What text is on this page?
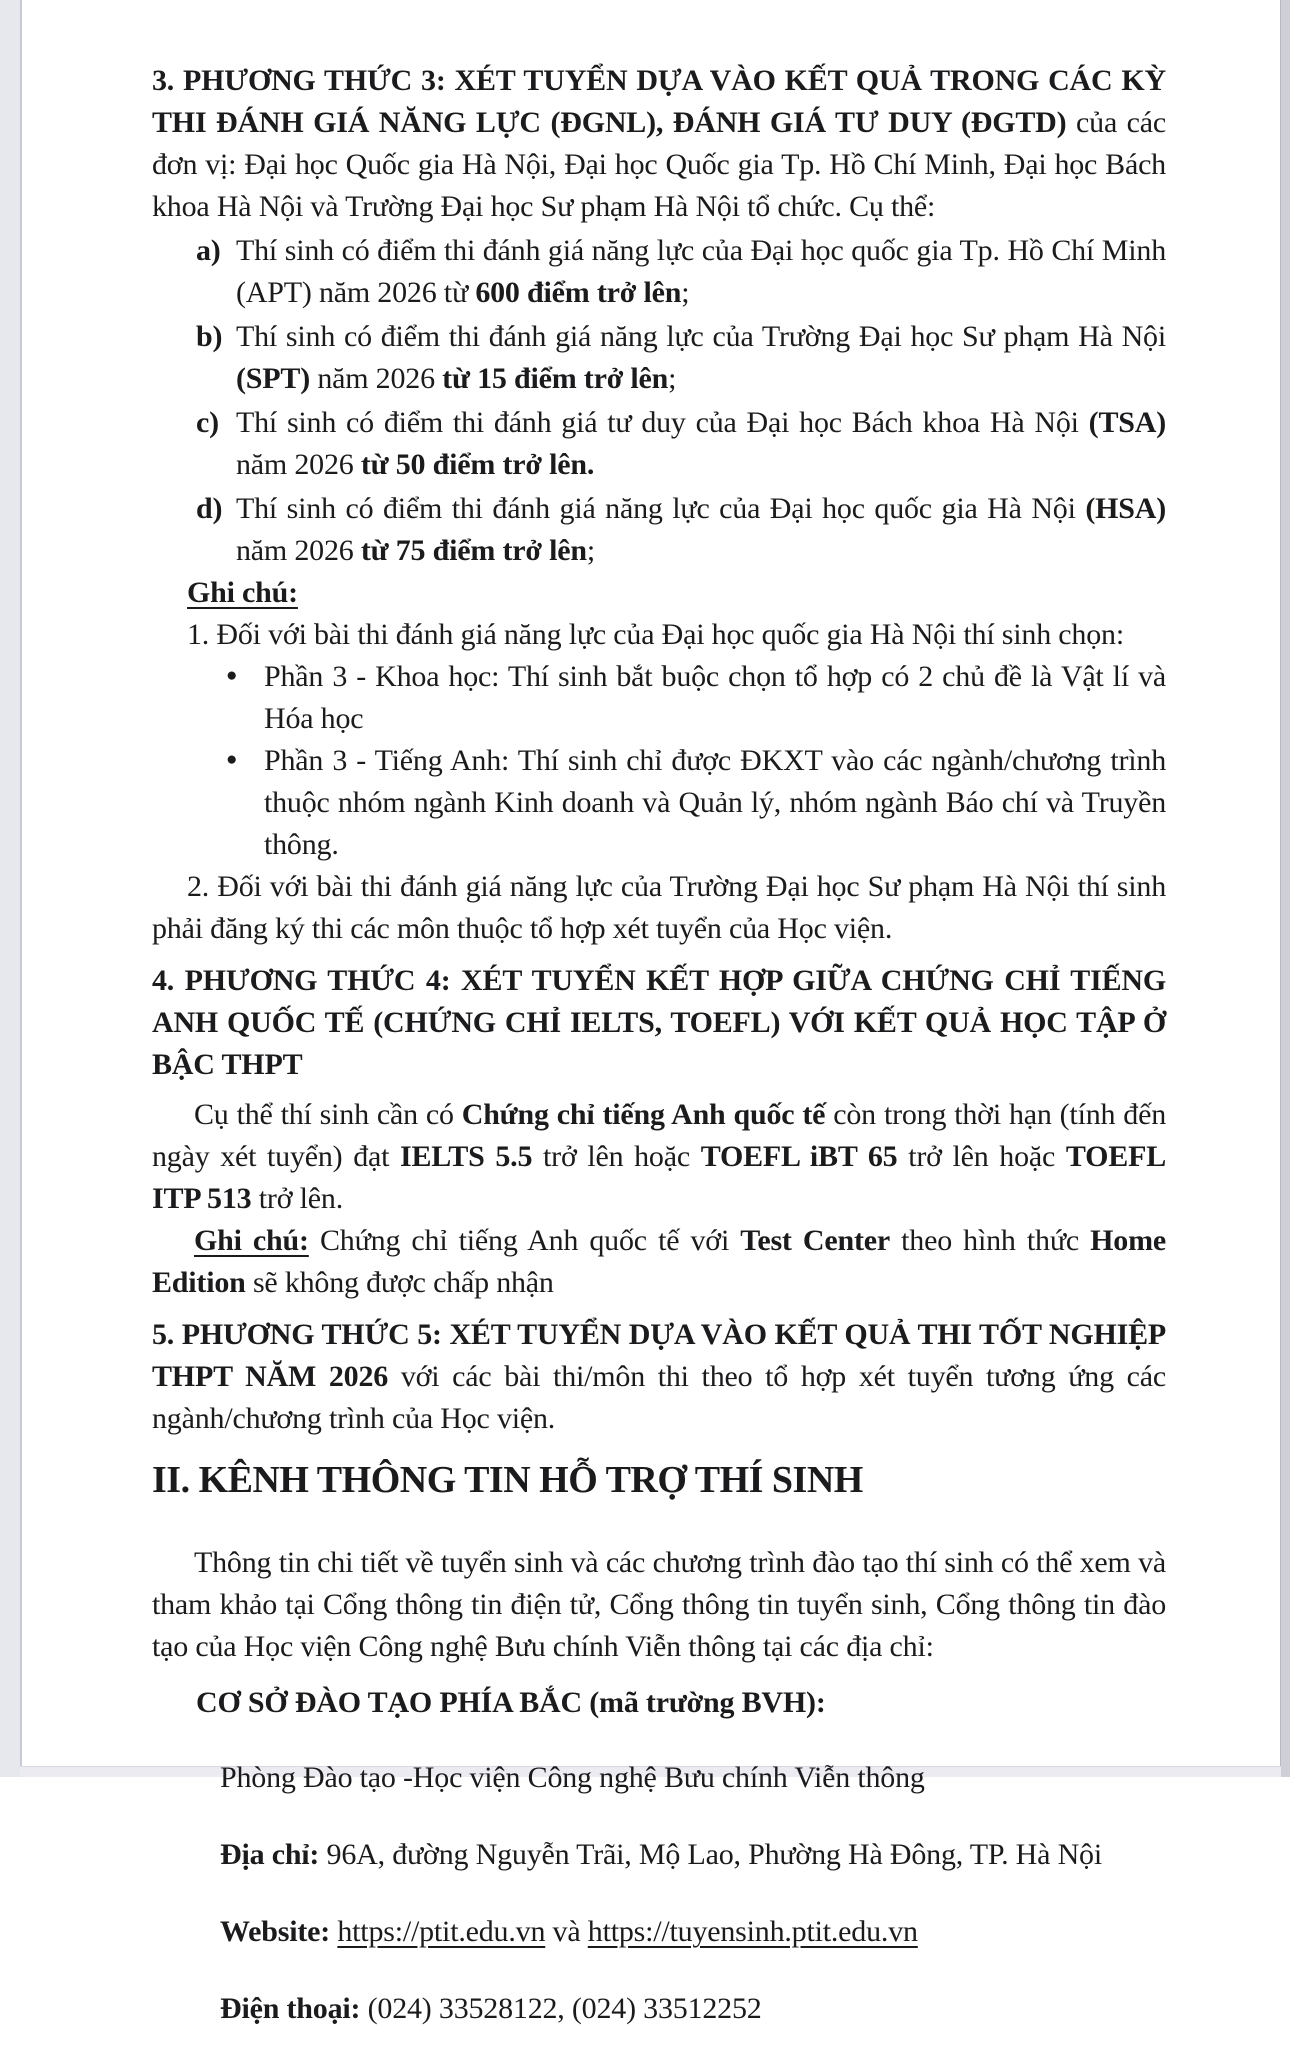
3. PHƯƠNG THỨC 3: XÉT TUYỂN DỰA VÀO KẾT QUẢ TRONG CÁC KỲ THI ĐÁNH GIÁ NĂNG LỰC (ĐGNL), ĐÁNH GIÁ TƯ DUY (ĐGTD) của các đơn vị: Đại học Quốc gia Hà Nội, Đại học Quốc gia Tp. Hồ Chí Minh, Đại học Bách khoa Hà Nội và Trường Đại học Sư phạm Hà Nội tổ chức. Cụ thể:

a) Thí sinh có điểm thi đánh giá năng lực của Đại học quốc gia Tp. Hồ Chí Minh (APT) năm 2026 từ 600 điểm trở lên;
b) Thí sinh có điểm thi đánh giá năng lực của Trường Đại học Sư phạm Hà Nội (SPT) năm 2026 từ 15 điểm trở lên;
c) Thí sinh có điểm thi đánh giá tư duy của Đại học Bách khoa Hà Nội (TSA) năm 2026 từ 50 điểm trở lên.
d) Thí sinh có điểm thi đánh giá năng lực của Đại học quốc gia Hà Nội (HSA) năm 2026 từ 75 điểm trở lên;

Ghi chú:

1. Đối với bài thi đánh giá năng lực của Đại học quốc gia Hà Nội thí sinh chọn:

● Phần 3 - Khoa học: Thí sinh bắt buộc chọn tổ hợp có 2 chủ đề là Vật lí và Hóa học
● Phần 3 - Tiếng Anh: Thí sinh chỉ được ĐKXT vào các ngành/chương trình thuộc nhóm ngành Kinh doanh và Quản lý, nhóm ngành Báo chí và Truyền thông.

2. Đối với bài thi đánh giá năng lực của Trường Đại học Sư phạm Hà Nội thí sinh phải đăng ký thi các môn thuộc tổ hợp xét tuyển của Học viện.

4. PHƯƠNG THỨC 4: XÉT TUYỂN KẾT HỢP GIỮA CHỨNG CHỈ TIẾNG ANH QUỐC TẾ (CHỨNG CHỈ IELTS, TOEFL) VỚI KẾT QUẢ HỌC TẬP Ở BẬC THPT

Cụ thể thí sinh cần có Chứng chỉ tiếng Anh quốc tế còn trong thời hạn (tính đến ngày xét tuyển) đạt IELTS 5.5 trở lên hoặc TOEFL iBT 65 trở lên hoặc TOEFL ITP 513 trở lên.

Ghi chú: Chứng chỉ tiếng Anh quốc tế với Test Center theo hình thức Home Edition sẽ không được chấp nhận

5. PHƯƠNG THỨC 5: XÉT TUYỂN DỰA VÀO KẾT QUẢ THI TỐT NGHIỆP THPT NĂM 2026 với các bài thi/môn thi theo tổ hợp xét tuyển tương ứng các ngành/chương trình của Học viện.

II. KÊNH THÔNG TIN HỖ TRỢ THÍ SINH

Thông tin chi tiết về tuyển sinh và các chương trình đào tạo thí sinh có thể xem và tham khảo tại Cổng thông tin điện tử, Cổng thông tin tuyển sinh, Cổng thông tin đào tạo của Học viện Công nghệ Bưu chính Viễn thông tại các địa chỉ:

CƠ SỞ ĐÀO TẠO PHÍA BẮC (mã trường BVH):

Phòng Đào tạo -Học viện Công nghệ Bưu chính Viễn thông

Địa chỉ: 96A, đường Nguyễn Trãi, Mộ Lao, Phường Hà Đông, TP. Hà Nội

Website: https://ptit.edu.vn và https://tuyensinh.ptit.edu.vn

Điện thoại: (024) 33528122, (024) 33512252
